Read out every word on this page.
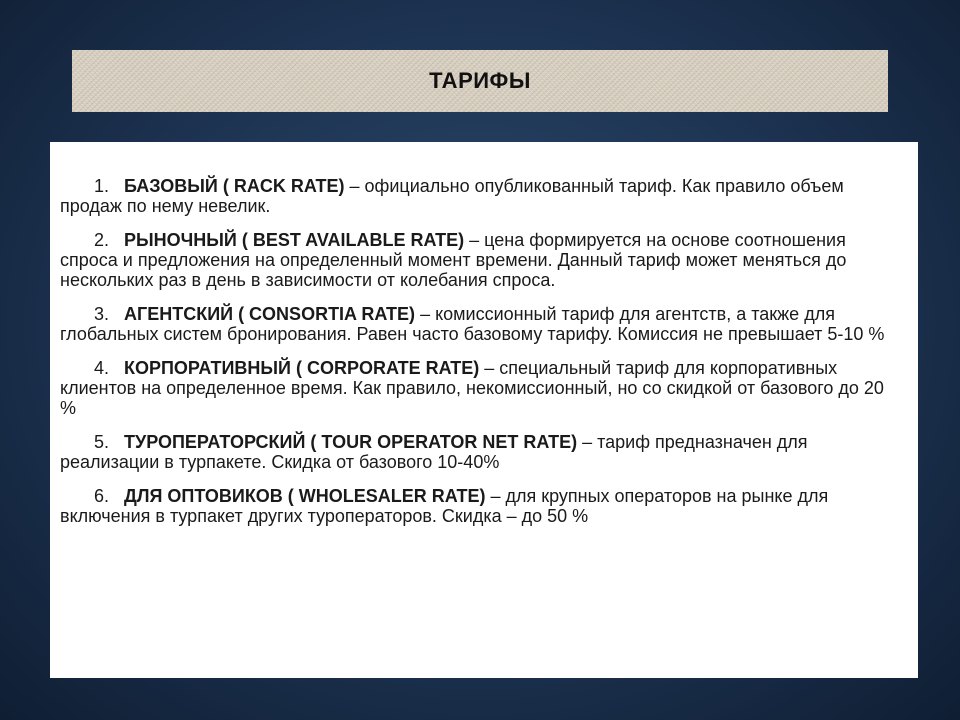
ТАРИФЫ

1. БАЗОВЫЙ ( RACK RATE) – официально опубликованный тариф. Как правило объем продаж по нему невелик.

2. РЫНОЧНЫЙ ( BEST AVAILABLE RATE) – цена формируется на основе соотношения спроса и предложения на определенный момент времени. Данный тариф может меняться до нескольких раз в день в зависимости от колебания спроса.

3. АГЕНТСКИЙ ( CONSORTIA RATE) – комиссионный тариф для агентств, а также для глобальных систем бронирования. Равен часто базовому тарифу. Комиссия не превышает 5-10 %

4. КОРПОРАТИВНЫЙ ( CORPORATE RATE) – специальный тариф для корпоративных клиентов на определенное время. Как правило, некомиссионный, но со скидкой от базового до 20 %

5. ТУРОПЕРАТОРСКИЙ ( TOUR OPERATOR NET RATE) – тариф предназначен для реализации в турпакете. Скидка от базового 10-40%

6. ДЛЯ ОПТОВИКОВ ( WHOLESALER RATE) – для крупных операторов на рынке для включения в турпакет других туроператоров. Скидка – до 50 %
